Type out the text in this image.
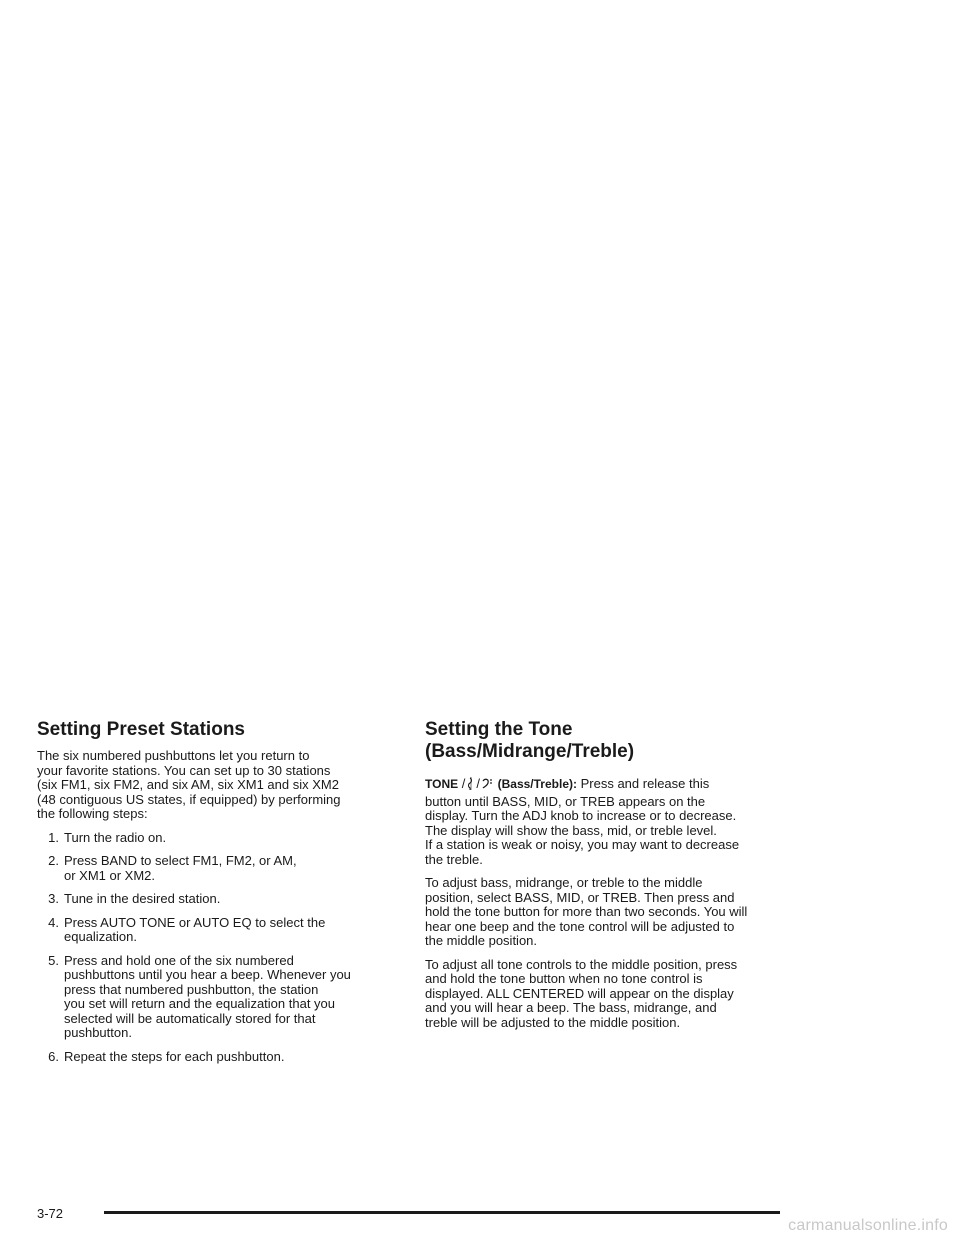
Setting Preset Stations

The six numbered pushbuttons let you return to
your favorite stations. You can set up to 30 stations
(six FM1, six FM2, and six AM, six XM1 and six XM2
(48 contiguous US states, if equipped) by performing
the following steps:

1. Turn the radio on.
2. Press BAND to select FM1, FM2, or AM,
or XM1 or XM2.
3. Tune in the desired station.
4. Press AUTO TONE or AUTO EQ to select the
equalization.
5. Press and hold one of the six numbered
pushbuttons until you hear a beep. Whenever you
press that numbered pushbutton, the station
you set will return and the equalization that you
selected will be automatically stored for that
pushbutton.
6. Repeat the steps for each pushbutton.
Setting the Tone
(Bass/Midrange/Treble)

TONE / / (Bass/Treble): Press and release this
button until BASS, MID, or TREB appears on the
display. Turn the ADJ knob to increase or to decrease.
The display will show the bass, mid, or treble level.
If a station is weak or noisy, you may want to decrease
the treble.

To adjust bass, midrange, or treble to the middle
position, select BASS, MID, or TREB. Then press and
hold the tone button for more than two seconds. You will
hear one beep and the tone control will be adjusted to
the middle position.

To adjust all tone controls to the middle position, press
and hold the tone button when no tone control is
displayed. ALL CENTERED will appear on the display
and you will hear a beep. The bass, midrange, and
treble will be adjusted to the middle position.

3-72
carmanualsonline.info
